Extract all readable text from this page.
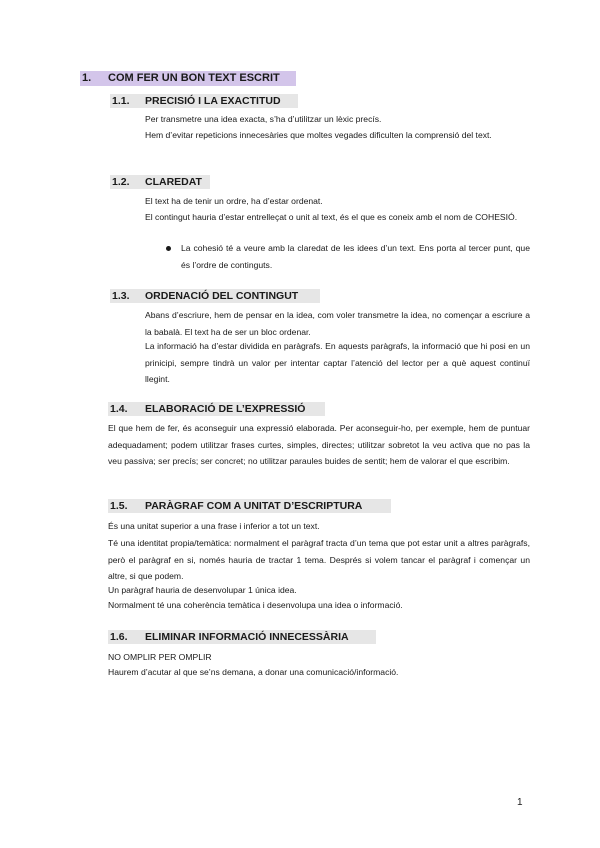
1. COM FER UN BON TEXT ESCRIT
1.1. PRECISIÓ I LA EXACTITUD

Per transmetre una idea exacta, s’ha d’utilitzar un lèxic precís.

Hem d’evitar repeticions innecesàries que moltes vegades dificulten la comprensió del text.

1.2. CLAREDAT

El text ha de tenir un ordre, ha d’estar ordenat.

El contingut hauria d’estar entrelleçat o unit al text, és el que es coneix amb el nom de COHESIÓ.

La cohesió té a veure amb la claredat de les idees d’un text. Ens porta al tercer punt, que és l’ordre de continguts.

1.3. ORDENACIÓ DEL CONTINGUT

Abans d’escriure, hem de pensar en la idea, com voler transmetre la idea, no començar a escriure a la babalà. El text ha de ser un bloc ordenar.

La informació ha d’estar dividida en paràgrafs. En aquests paràgrafs, la informació que hi posi en un prinicipi, sempre tindrà un valor per intentar captar l’atenció del lector per a què aquest continuï llegint.

1.4. ELABORACIÓ DE L’EXPRESSIÓ

El que hem de fer, és aconseguir una expressió elaborada. Per aconseguir-ho, per exemple, hem de puntuar adequadament; podem utilitzar frases curtes, simples, directes; utilitzar sobretot la veu activa que no pas la veu passiva; ser precís; ser concret; no utilitzar paraules buides de sentit; hem de valorar el que escribim.

1.5. PARÀGRAF COM A UNITAT D’ESCRIPTURA

És una unitat superior a una frase i inferior a tot un text.

Té una identitat propia/temàtica: normalment el paràgraf tracta d’un tema que pot estar unit a altres paràgrafs, però el paràgraf en si, només hauria de tractar 1 tema. Després si volem tancar el paràgraf i començar un altre, si que podem.

Un paràgraf hauria de desenvolupar 1 única idea.

Normalment té una coherència temàtica i desenvolupa una idea o informació.

1.6. ELIMINAR INFORMACIÓ INNECESSÀRIA

NO OMPLIR PER OMPLIR

Haurem d’acutar al que se’ns demana, a donar una comunicació/informació.

1
